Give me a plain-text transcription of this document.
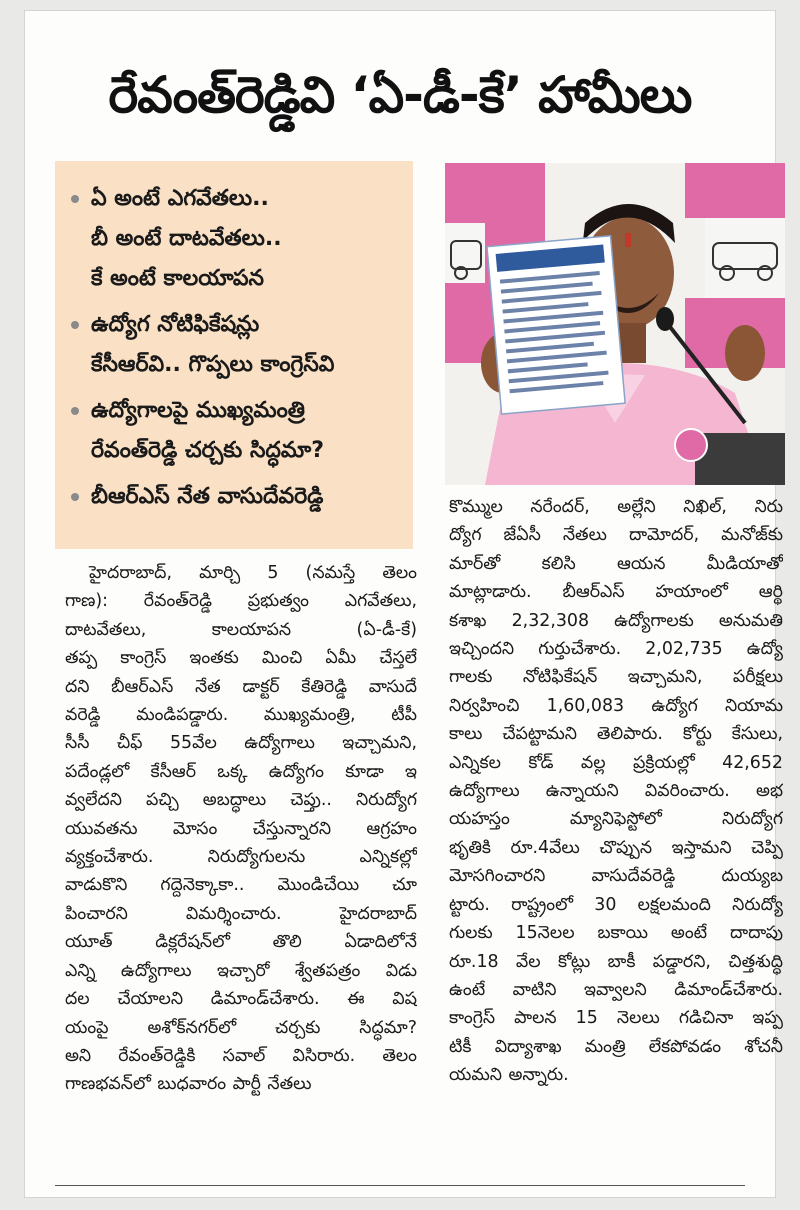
రేవంత్‌రెడ్డివి ‘ఏ-డీ-కే’ హామీలు
ఏ అంటే ఎగవేతలు..
బీ అంటే దాటవేతలు..
కే అంటే కాలయాపన
ఉద్యోగ నోటిఫికేషన్లు
కేసీఆర్‌వి.. గొప్పలు కాంగ్రెస్‌వి
ఉద్యోగాలపై ముఖ్యమంత్రి
రేవంత్‌రెడ్డి చర్చకు సిద్ధమా?
బీఆర్‌ఎస్‌ నేత వాసుదేవరెడ్డి
హైదరాబాద్‌, మార్చి 5 (నమస్తే తెలం
గాణ): రేవంత్‌రెడ్డి ప్రభుత్వం ఎగవేతలు,
దాటవేతలు, కాలయాపన (ఏ-డీ-కే)
తప్ప కాంగ్రెస్‌ ఇంతకు మించి ఏమీ చేస్తలే
దని బీఆర్‌ఎస్‌ నేత డాక్టర్‌ కేతిరెడ్డి వాసుదే
వరెడ్డి మండిపడ్డారు. ముఖ్యమంత్రి, టీపీ
సీసీ చీఫ్‌ 55వేల ఉద్యోగాలు ఇచ్చామని,
పదేండ్లలో కేసీఆర్‌ ఒక్క ఉద్యోగం కూడా ఇ
వ్వలేదని పచ్చి అబద్ధాలు చెప్తు.. నిరుద్యోగ
యువతను మోసం చేస్తున్నారని ఆగ్రహం
వ్యక్తంచేశారు. నిరుద్యోగులను ఎన్నికల్లో
వాడుకొని గద్దెనెక్కాకా.. మొండిచేయి చూ
పించారని విమర్శించారు. హైదరాబాద్‌
యూత్‌ డిక్లరేషన్‌లో తొలి ఏడాదిలోనే
ఎన్ని ఉద్యోగాలు ఇచ్చారో శ్వేతపత్రం విడు
దల చేయాలని డిమాండ్‌చేశారు. ఈ విష
యంపై అశోక్‌నగర్‌లో చర్చకు సిద్ధమా?
అని రేవంత్‌రెడ్డికి సవాల్‌ విసిరారు. తెలం
గాణభవన్‌లో బుధవారం పార్టీ నేతలు
కొమ్ముల నరేందర్‌, అల్లేని నిఖిల్‌, నిరు
ద్యోగ జేఏసీ నేతలు దామోదర్‌, మనోజ్‌కు
మార్‌తో కలిసి ఆయన మీడియాతో
మాట్లాడారు. బీఆర్‌ఎస్‌ హయాంలో ఆర్థి
కశాఖ 2,32,308 ఉద్యోగాలకు అనుమతి
ఇచ్చిందని గుర్తుచేశారు. 2,02,735 ఉద్యో
గాలకు నోటిఫికేషన్‌ ఇచ్చామని, పరీక్షలు
నిర్వహించి 1,60,083 ఉద్యోగ నియామ
కాలు చేపట్టామని తెలిపారు. కోర్టు కేసులు,
ఎన్నికల కోడ్‌ వల్ల ప్రక్రియల్లో 42,652
ఉద్యోగాలు ఉన్నాయని వివరించారు. అభ
యహస్తం మ్యానిఫెస్టోలో నిరుద్యోగ
భృతికి రూ.4వేలు చొప్పున ఇస్తామని చెప్పి
మోసగించారని వాసుదేవరెడ్డి దుయ్యబ
ట్టారు. రాష్ట్రంలో 30 లక్షలమంది నిరుద్యో
గులకు 15నెలల బకాయి అంటే దాదాపు
రూ.18 వేల కోట్లు బాకీ పడ్డారని, చిత్తశుద్ధి
ఉంటే వాటిని ఇవ్వాలని డిమాండ్‌చేశారు.
కాంగ్రెస్‌ పాలన 15 నెలలు గడిచినా ఇప్ప
టికీ విద్యాశాఖ మంత్రి లేకపోవడం శోచనీ
యమని అన్నారు.
